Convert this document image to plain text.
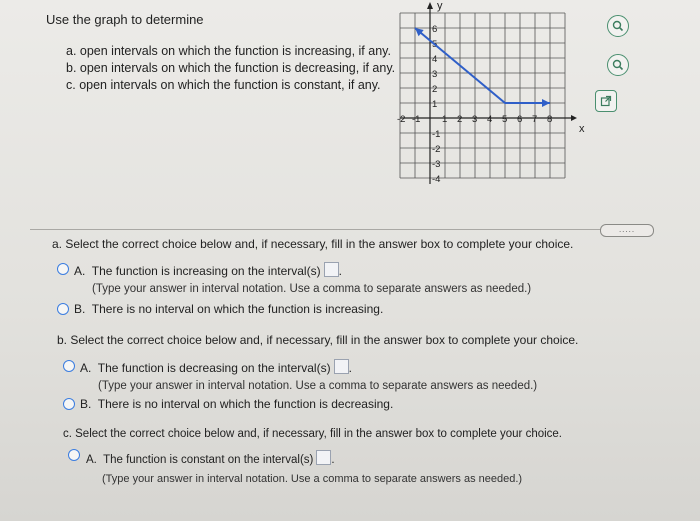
Use the graph to determine
a. open intervals on which the function is increasing, if any.
b. open intervals on which the function is decreasing, if any.
c. open intervals on which the function is constant, if any.
y
x
-2 -1 1 2 3 4 5 6 7 8
6
5
4
3
2
1
-1
-2
-3
-4
.....
a. Select the correct choice below and, if necessary, fill in the answer box to complete your choice.
A. The function is increasing on the interval(s) .
(Type your answer in interval notation. Use a comma to separate answers as needed.)
B. There is no interval on which the function is increasing.
b. Select the correct choice below and, if necessary, fill in the answer box to complete your choice.
A. The function is decreasing on the interval(s) .
(Type your answer in interval notation. Use a comma to separate answers as needed.)
B. There is no interval on which the function is decreasing.
c. Select the correct choice below and, if necessary, fill in the answer box to complete your choice.
A. The function is constant on the interval(s) .
(Type your answer in interval notation. Use a comma to separate answers as needed.)
